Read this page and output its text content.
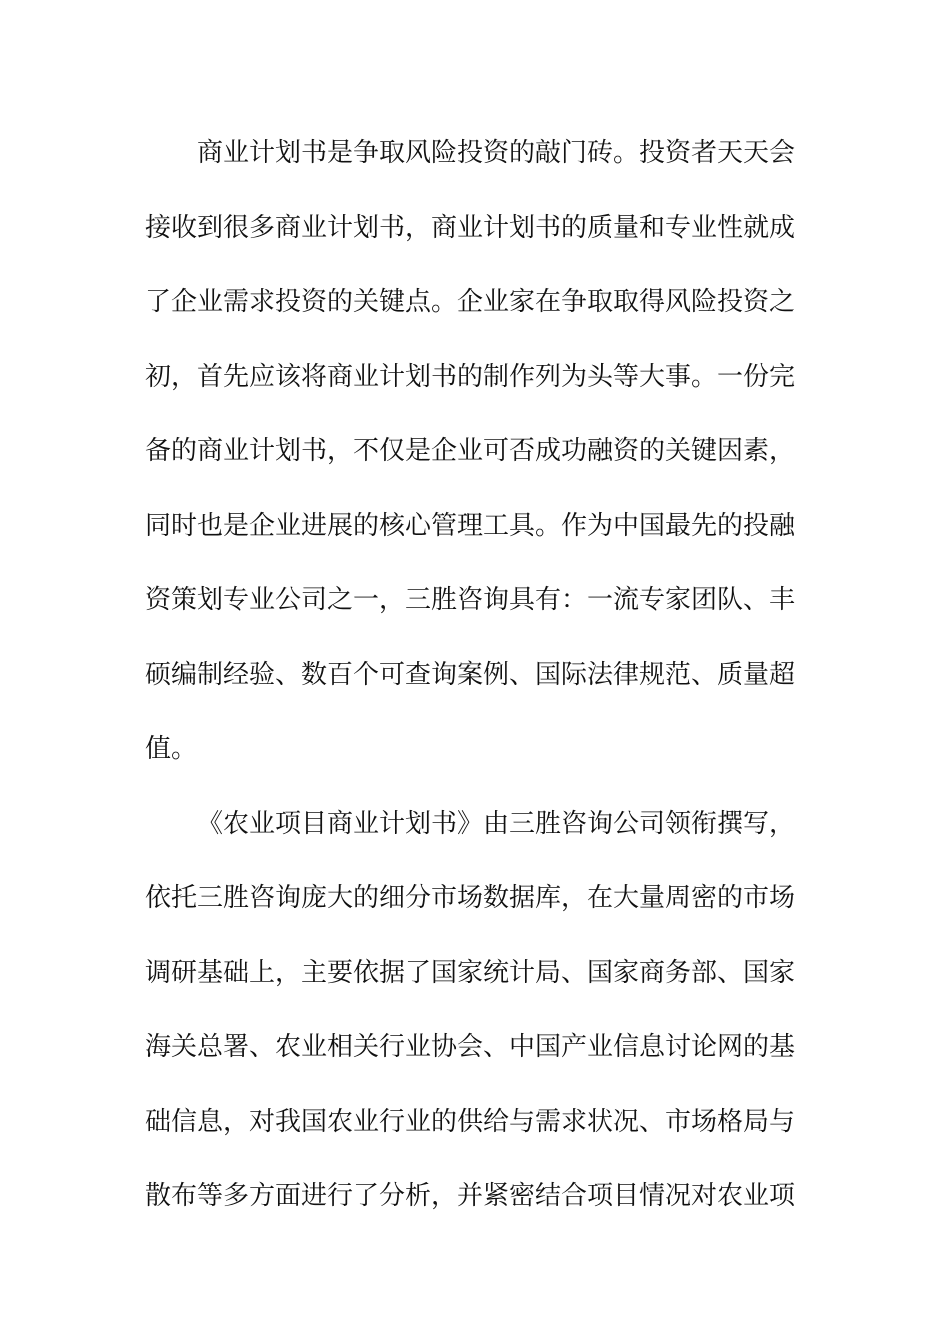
商业计划书是争取风险投资的敲门砖。投资者天天会
接收到很多商业计划书，商业计划书的质量和专业性就成
了企业需求投资的关键点。企业家在争取取得风险投资之
初，首先应该将商业计划书的制作列为头等大事。一份完
备的商业计划书，不仅是企业可否成功融资的关键因素，
同时也是企业进展的核心管理工具。作为中国最先的投融
资策划专业公司之一，三胜咨询具有：一流专家团队、丰
硕编制经验、数百个可查询案例、国际法律规范、质量超
值。
《农业项目商业计划书》由三胜咨询公司领衔撰写，
依托三胜咨询庞大的细分市场数据库，在大量周密的市场
调研基础上，主要依据了国家统计局、国家商务部、国家
海关总署、农业相关行业协会、中国产业信息讨论网的基
础信息，对我国农业行业的供给与需求状况、市场格局与
散布等多方面进行了分析，并紧密结合项目情况对农业项
